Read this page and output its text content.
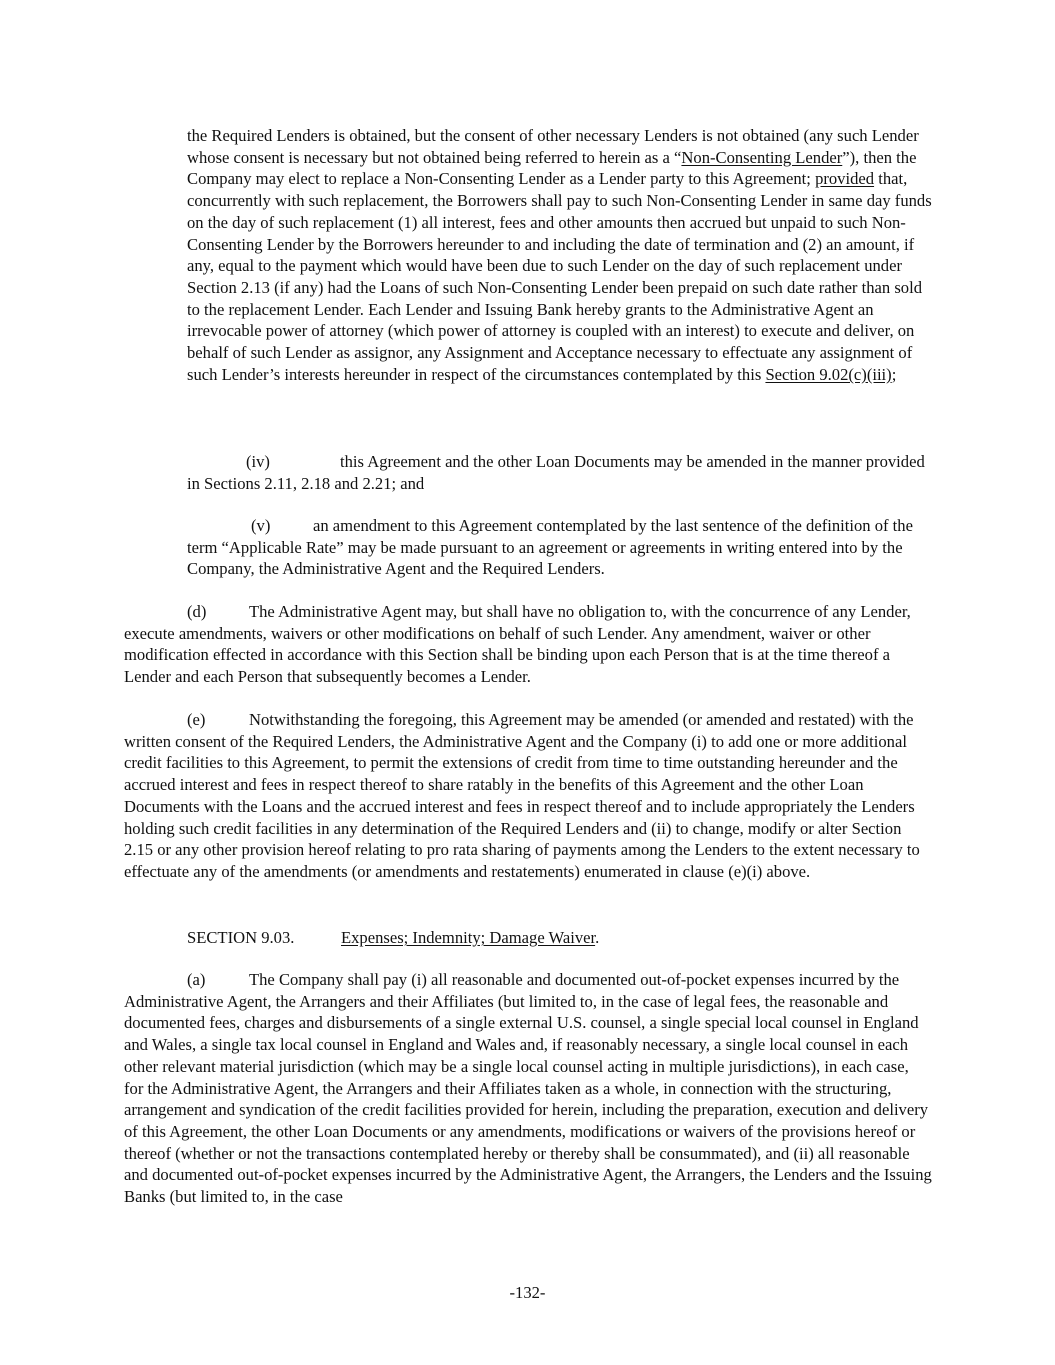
the Required Lenders is obtained, but the consent of other necessary Lenders is not obtained (any such Lender whose consent is necessary but not obtained being referred to herein as a “Non-Consenting Lender”), then the Company may elect to replace a Non-Consenting Lender as a Lender party to this Agreement; provided that, concurrently with such replacement, the Borrowers shall pay to such Non-Consenting Lender in same day funds on the day of such replacement (1) all interest, fees and other amounts then accrued but unpaid to such Non-Consenting Lender by the Borrowers hereunder to and including the date of termination and (2) an amount, if any, equal to the payment which would have been due to such Lender on the day of such replacement under Section 2.13 (if any) had the Loans of such Non-Consenting Lender been prepaid on such date rather than sold to the replacement Lender. Each Lender and Issuing Bank hereby grants to the Administrative Agent an irrevocable power of attorney (which power of attorney is coupled with an interest) to execute and deliver, on behalf of such Lender as assignor, any Assignment and Acceptance necessary to effectuate any assignment of such Lender’s interests hereunder in respect of the circumstances contemplated by this Section 9.02(c)(iii);

(iv)	this Agreement and the other Loan Documents may be amended in the manner provided in Sections 2.11, 2.18 and 2.21; and

(v)	an amendment to this Agreement contemplated by the last sentence of the definition of the term “Applicable Rate” may be made pursuant to an agreement or agreements in writing entered into by the Company, the Administrative Agent and the Required Lenders.

(d)	The Administrative Agent may, but shall have no obligation to, with the concurrence of any Lender, execute amendments, waivers or other modifications on behalf of such Lender. Any amendment, waiver or other modification effected in accordance with this Section shall be binding upon each Person that is at the time thereof a Lender and each Person that subsequently becomes a Lender.

(e)	Notwithstanding the foregoing, this Agreement may be amended (or amended and restated) with the written consent of the Required Lenders, the Administrative Agent and the Company (i) to add one or more additional credit facilities to this Agreement, to permit the extensions of credit from time to time outstanding hereunder and the accrued interest and fees in respect thereof to share ratably in the benefits of this Agreement and the other Loan Documents with the Loans and the accrued interest and fees in respect thereof and to include appropriately the Lenders holding such credit facilities in any determination of the Required Lenders and (ii) to change, modify or alter Section 2.15 or any other provision hereof relating to pro rata sharing of payments among the Lenders to the extent necessary to effectuate any of the amendments (or amendments and restatements) enumerated in clause (e)(i) above.

SECTION 9.03.	Expenses; Indemnity; Damage Waiver.

(a)	The Company shall pay (i) all reasonable and documented out-of-pocket expenses incurred by the Administrative Agent, the Arrangers and their Affiliates (but limited to, in the case of legal fees, the reasonable and documented fees, charges and disbursements of a single external U.S. counsel, a single special local counsel in England and Wales, a single tax local counsel in England and Wales and, if reasonably necessary, a single local counsel in each other relevant material jurisdiction (which may be a single local counsel acting in multiple jurisdictions), in each case, for the Administrative Agent, the Arrangers and their Affiliates taken as a whole, in connection with the structuring, arrangement and syndication of the credit facilities provided for herein, including the preparation, execution and delivery of this Agreement, the other Loan Documents or any amendments, modifications or waivers of the provisions hereof or thereof (whether or not the transactions contemplated hereby or thereby shall be consummated), and (ii) all reasonable and documented out-of-pocket expenses incurred by the Administrative Agent, the Arrangers, the Lenders and the Issuing Banks (but limited to, in the case

-132-
